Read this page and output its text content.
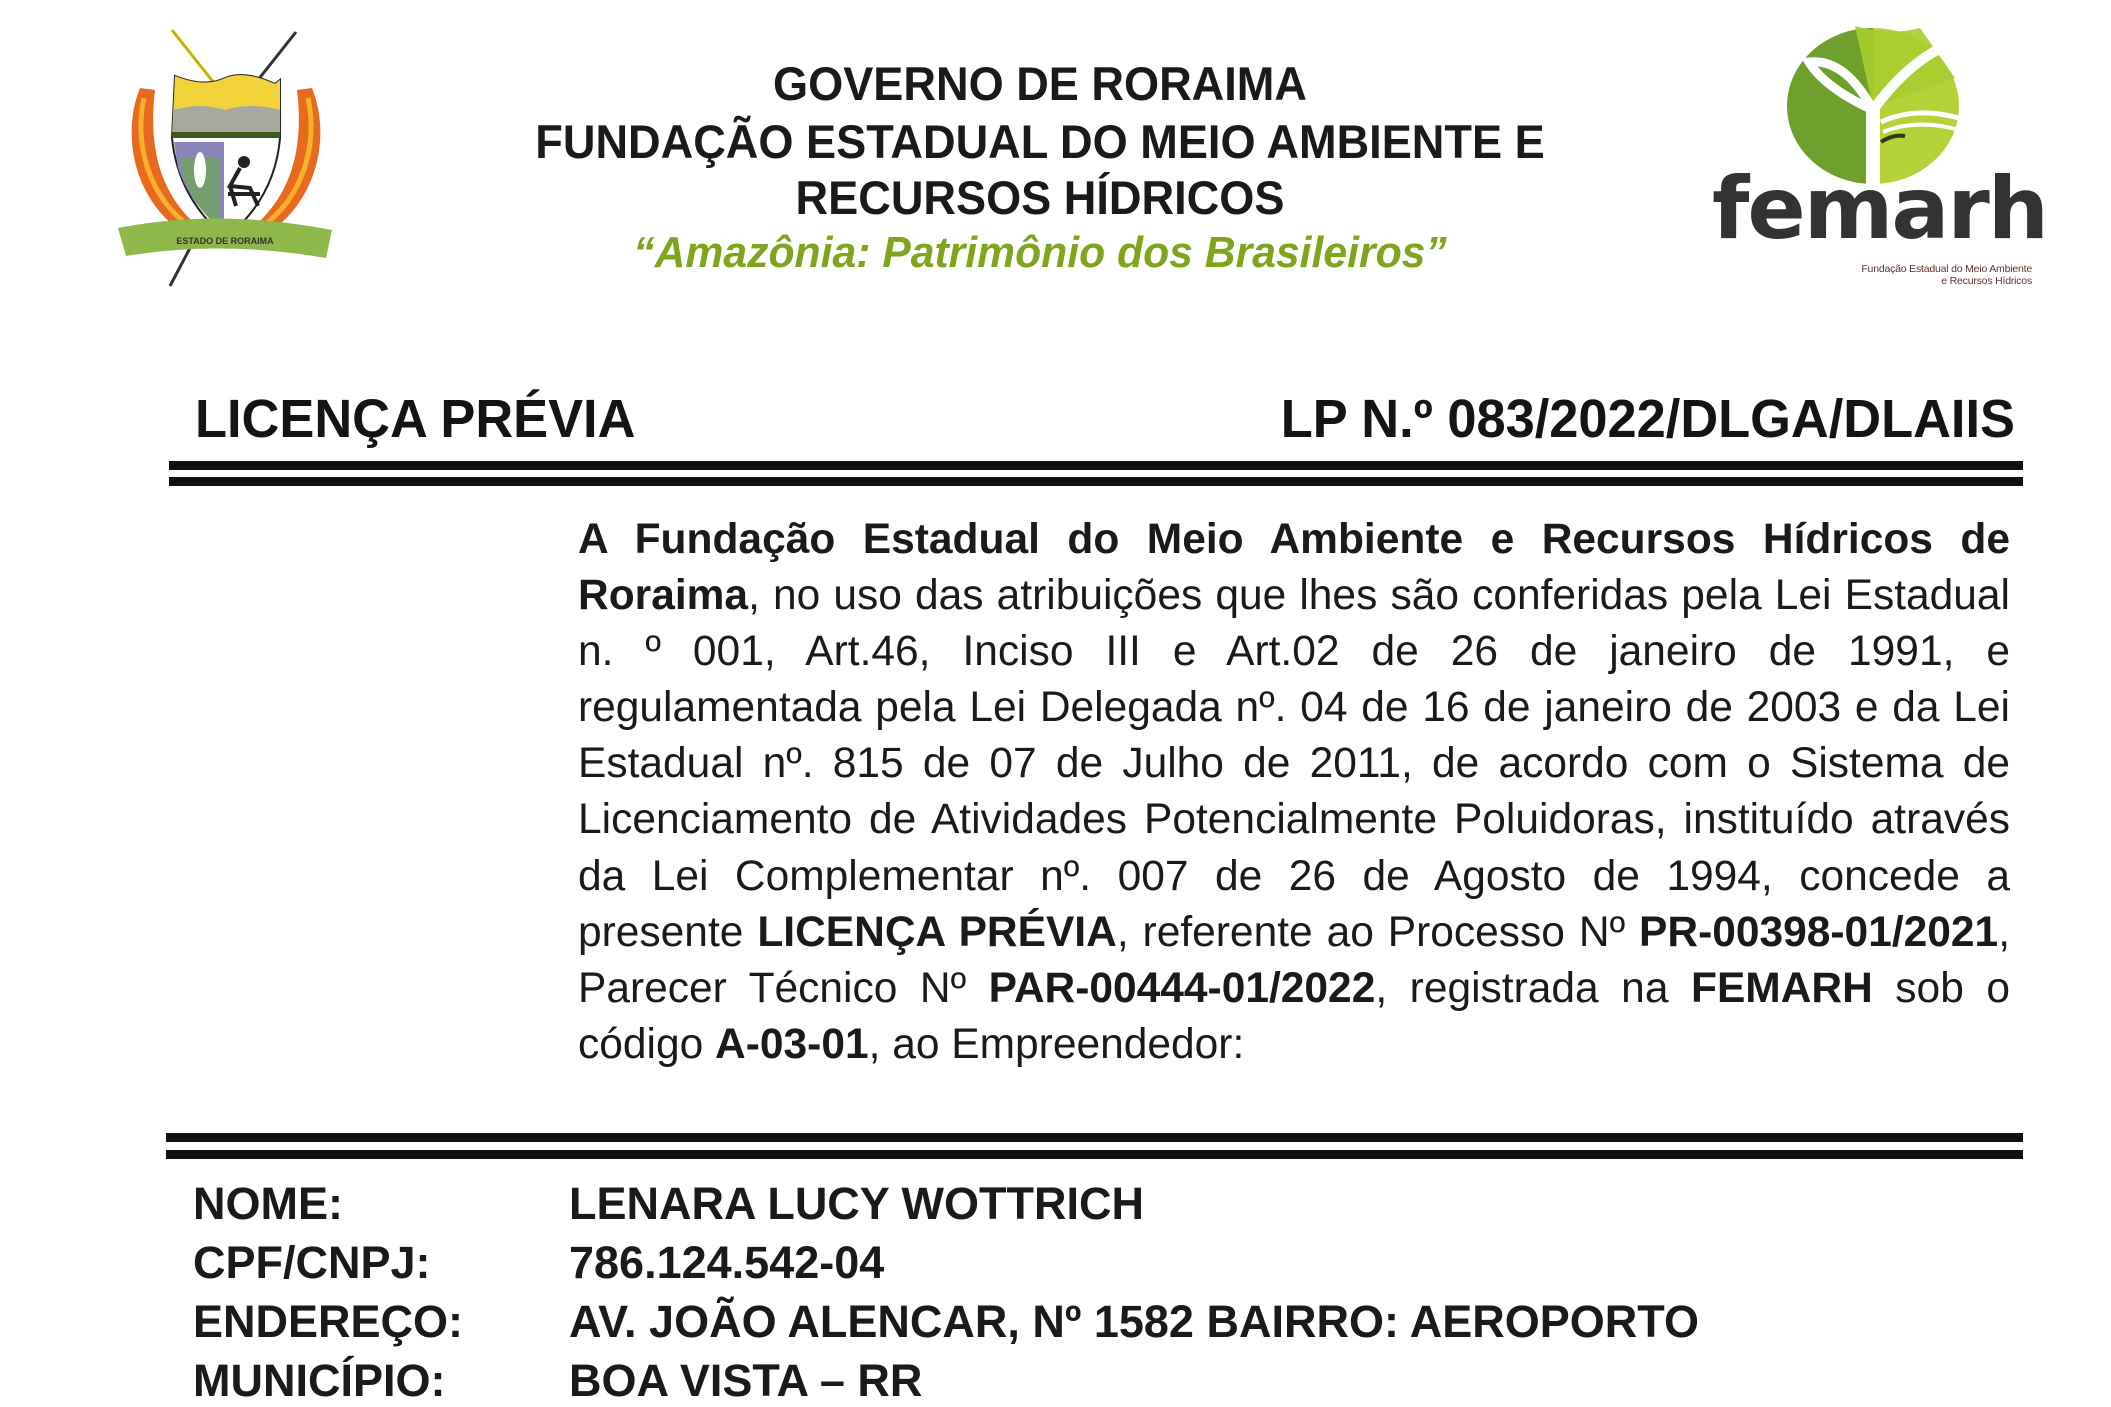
ESTADO DE RORAIMA
GOVERNO DE RORAIMA
FUNDAÇÃO ESTADUAL DO MEIO AMBIENTE E
RECURSOS HÍDRICOS
“Amazônia: Patrimônio dos Brasileiros”	femarh
Fundação Estadual do Meio Ambiente
e Recursos Hídricos
LICENÇA PRÉVIA	LP N.º 083/2022/DLGA/DLAIIS
A Fundação Estadual do Meio Ambiente e Recursos Hídricos de Roraima, no uso das atribuições que lhes são conferidas pela Lei Estadual n. º 001, Art.46, Inciso III e Art.02 de 26 de janeiro de 1991, e regulamentada pela Lei Delegada nº. 04 de 16 de janeiro de 2003 e da Lei Estadual nº. 815 de 07 de Julho de 2011, de acordo com o Sistema de Licenciamento de Atividades Potencialmente Poluidoras, instituído através da Lei Complementar nº. 007 de 26 de Agosto de 1994, concede a presente LICENÇA PRÉVIA, referente ao Processo Nº PR-00398-01/2021, Parecer Técnico Nº PAR-00444-01/2022, registrada na FEMARH sob o código A-03-01, ao Empreendedor:
NOME:	LENARA LUCY WOTTRICH
CPF/CNPJ:	786.124.542-04
ENDEREÇO: AV. JOÃO ALENCAR, Nº 1582 BAIRRO: AEROPORTO
MUNICÍPIO:	BOA VISTA – RR
